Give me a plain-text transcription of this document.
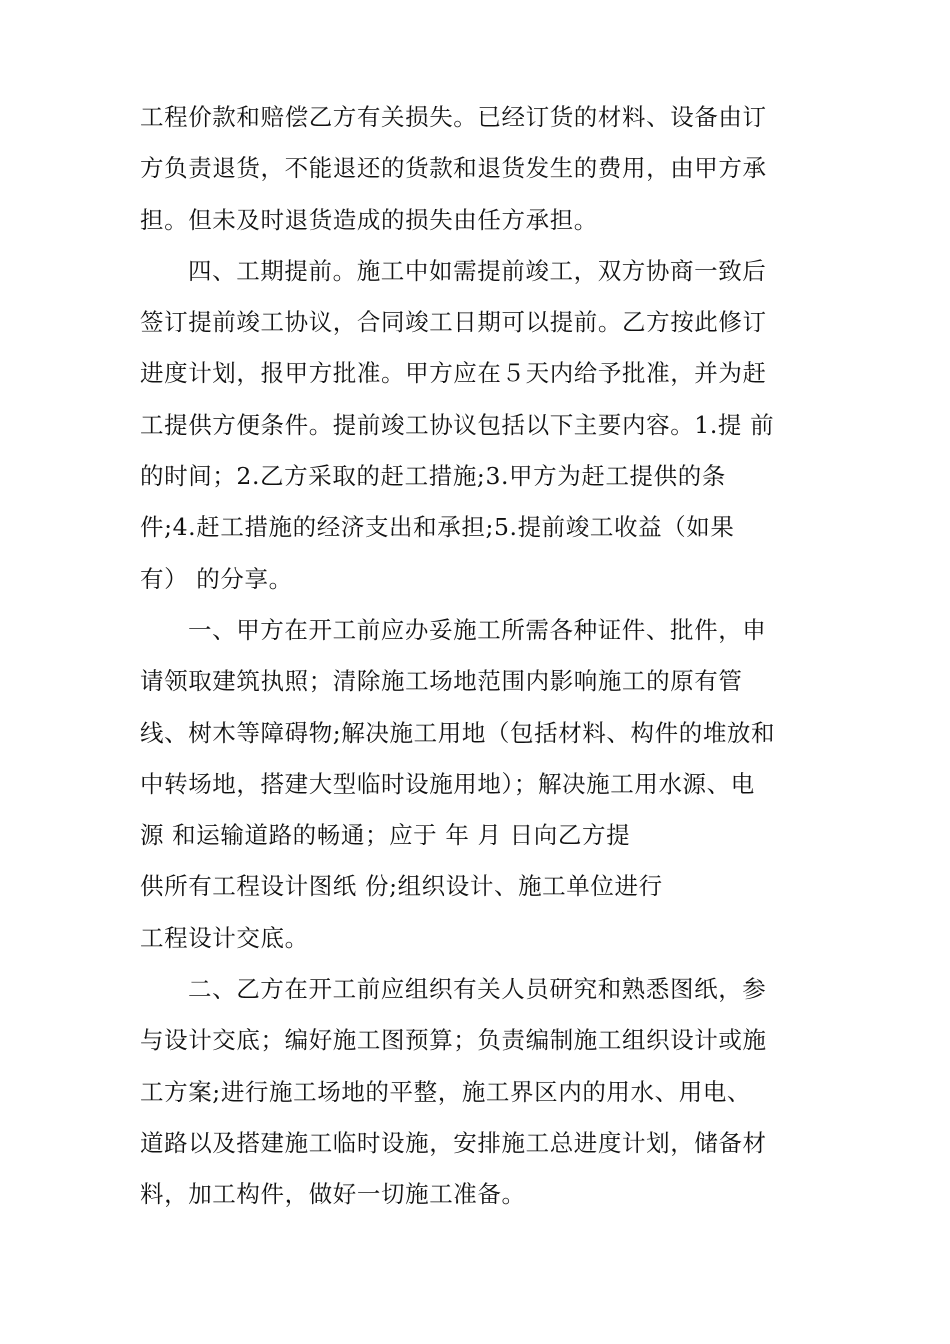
工程价款和赔偿乙方有关损失。已经订货的材料、设备由订

方负责退货，不能退还的货款和退货发生的费用，由甲方承

担。但未及时退货造成的损失由任方承担。

四、工期提前。施工中如需提前竣工，双方协商一致后

签订提前竣工协议，合同竣工日期可以提前。乙方按此修订

进度计划，报甲方批准。甲方应在５天内给予批准，并为赶

工提供方便条件。提前竣工协议包括以下主要内容。1.提 前

的时间；2.乙方采取的赶工措施;3.甲方为赶工提供的条

件;4.赶工措施的经济支出和承担;5.提前竣工收益（如果

有） 的分享。

一、甲方在开工前应办妥施工所需各种证件、批件，申

请领取建筑执照；清除施工场地范围内影响施工的原有管

线、树木等障碍物;解决施工用地（包括材料、构件的堆放和

中转场地，搭建大型临时设施用地）；解决施工用水源、电

源 和运输道路的畅通；应于 年 月 日向乙方提

供所有工程设计图纸 份;组织设计、施工单位进行

工程设计交底。

二、乙方在开工前应组织有关人员研究和熟悉图纸，参

与设计交底；编好施工图预算；负责编制施工组织设计或施

工方案;进行施工场地的平整，施工界区内的用水、用电、

道路以及搭建施工临时设施，安排施工总进度计划，储备材

料，加工构件，做好一切施工准备。
